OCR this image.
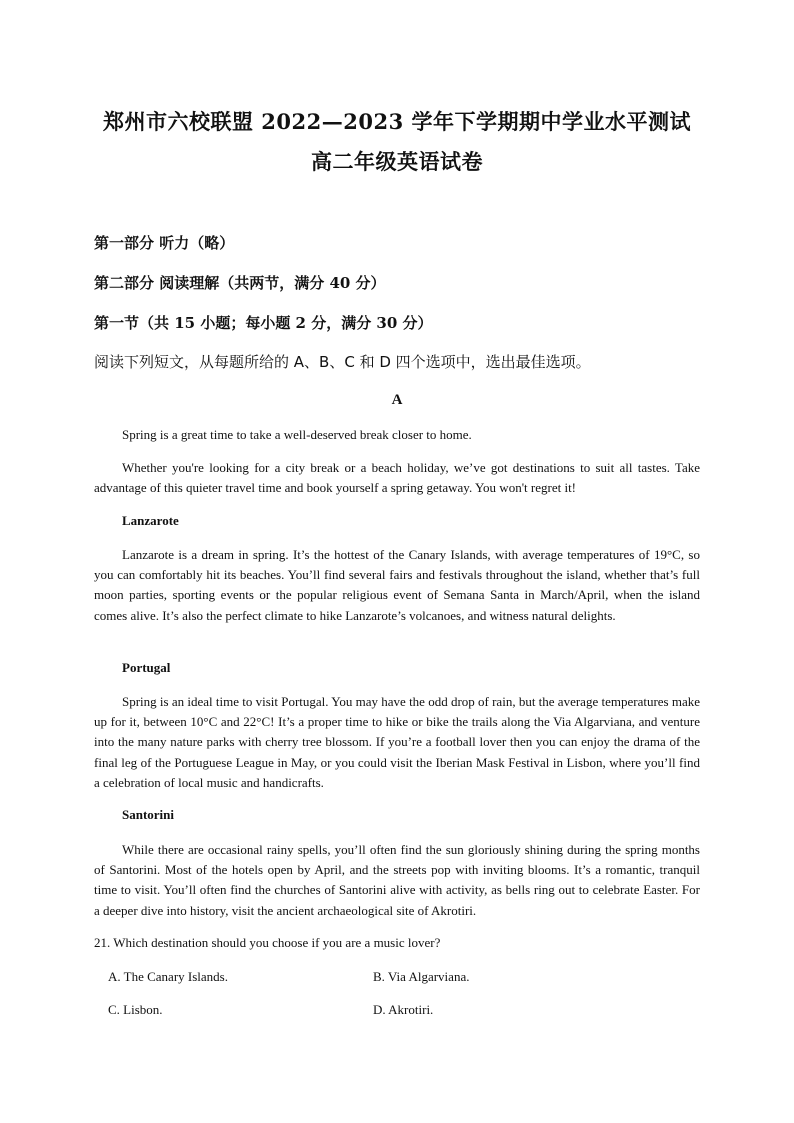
郑州市六校联盟 2022—2023 学年下学期期中学业水平测试
高二年级英语试卷
第一部分 听力（略）
第二部分 阅读理解（共两节，满分 40 分）
第一节（共 15 小题；每小题 2 分，满分 30 分）
阅读下列短文，从每题所给的 A、B、C 和 D 四个选项中，选出最佳选项。
A

Spring is a great time to take a well-deserved break closer to home.

Whether you're looking for a city break or a beach holiday, we’ve got destinations to suit all tastes. Take advantage of this quieter travel time and book yourself a spring getaway. You won't regret it!

Lanzarote

Lanzarote is a dream in spring. It’s the hottest of the Canary Islands, with average temperatures of 19°C, so you can comfortably hit its beaches. You’ll find several fairs and festivals throughout the island, whether that’s full moon parties, sporting events or the popular religious event of Semana Santa in March/April, when the island comes alive. It’s also the perfect climate to hike Lanzarote’s volcanoes, and witness natural delights.

Portugal

Spring is an ideal time to visit Portugal. You may have the odd drop of rain, but the average temperatures make up for it, between 10°C and 22°C! It’s a proper time to hike or bike the trails along the Via Algarviana, and venture into the many nature parks with cherry tree blossom. If you’re a football lover then you can enjoy the drama of the final leg of the Portuguese League in May, or you could visit the Iberian Mask Festival in Lisbon, where you’ll find a celebration of local music and handicrafts.

Santorini

While there are occasional rainy spells, you’ll often find the sun gloriously shining during the spring months of Santorini. Most of the hotels open by April, and the streets pop with inviting blooms. It’s a romantic, tranquil time to visit. You’ll often find the churches of Santorini alive with activity, as bells ring out to celebrate Easter. For a deeper dive into history, visit the ancient archaeological site of Akrotiri.

21. Which destination should you choose if you are a music lover?
A. The Canary Islands.	B. Via Algarviana.
C. Lisbon.	D. Akrotiri.
